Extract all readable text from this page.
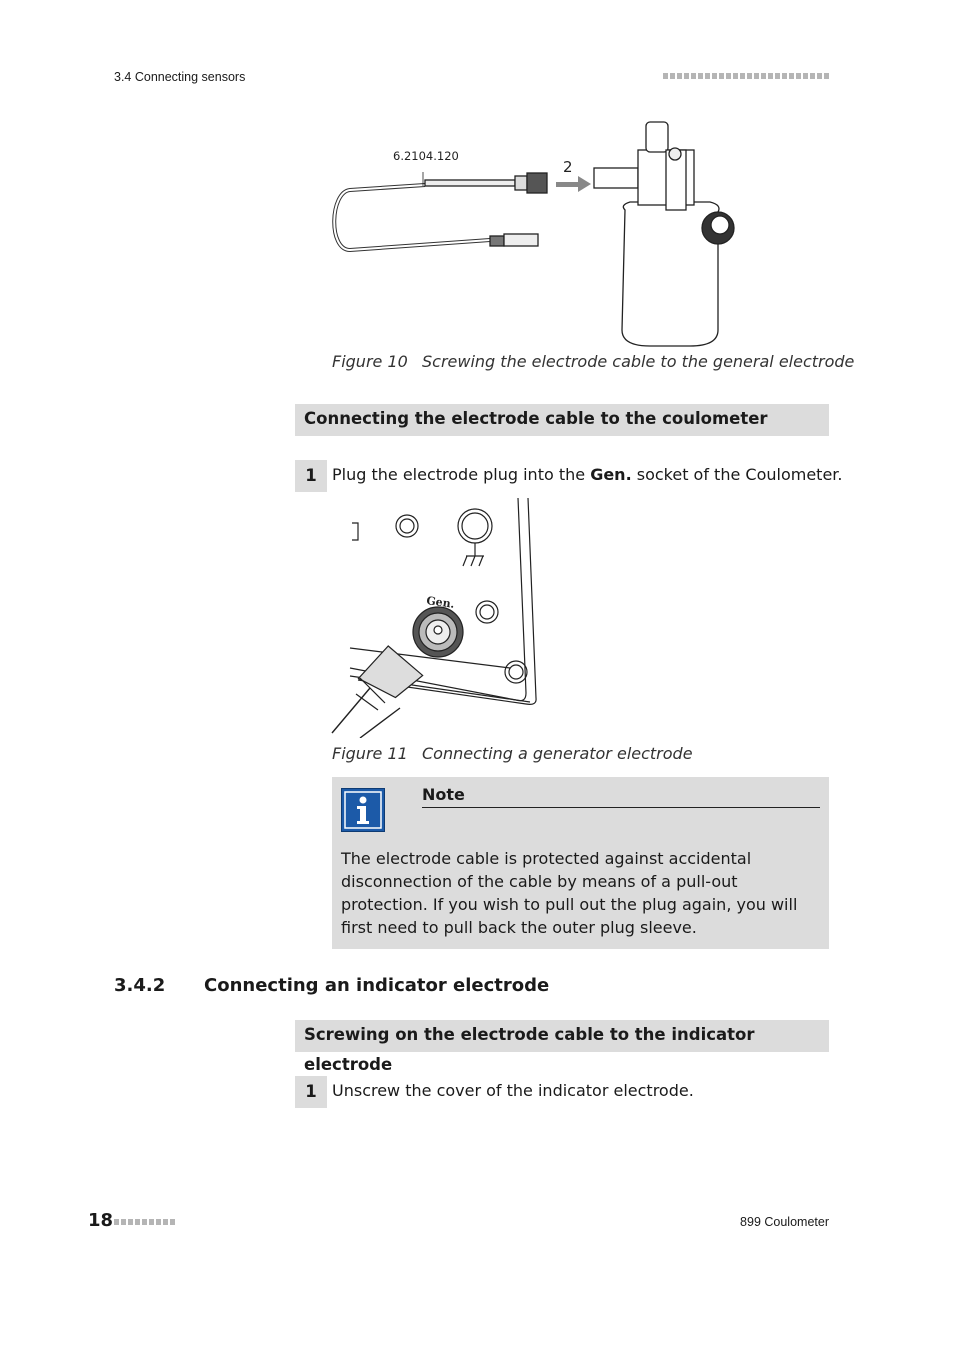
3.4 Connecting sensors
6.2104.120
2
Figure 10 Screwing the electrode cable to the general electrode
Connecting the electrode cable to the coulometer
1 Plug the electrode plug into the Gen. socket of the Coulometer.
Gen.
Figure 11 Connecting a generator electrode
Note
The electrode cable is protected against accidental disconnection of the cable by means of a pull-out protection. If you wish to pull out the plug again, you will first need to pull back the outer plug sleeve.
3.4.2 Connecting an indicator electrode
Screwing on the electrode cable to the indicator electrode
1 Unscrew the cover of the indicator electrode.
18	899 Coulometer
